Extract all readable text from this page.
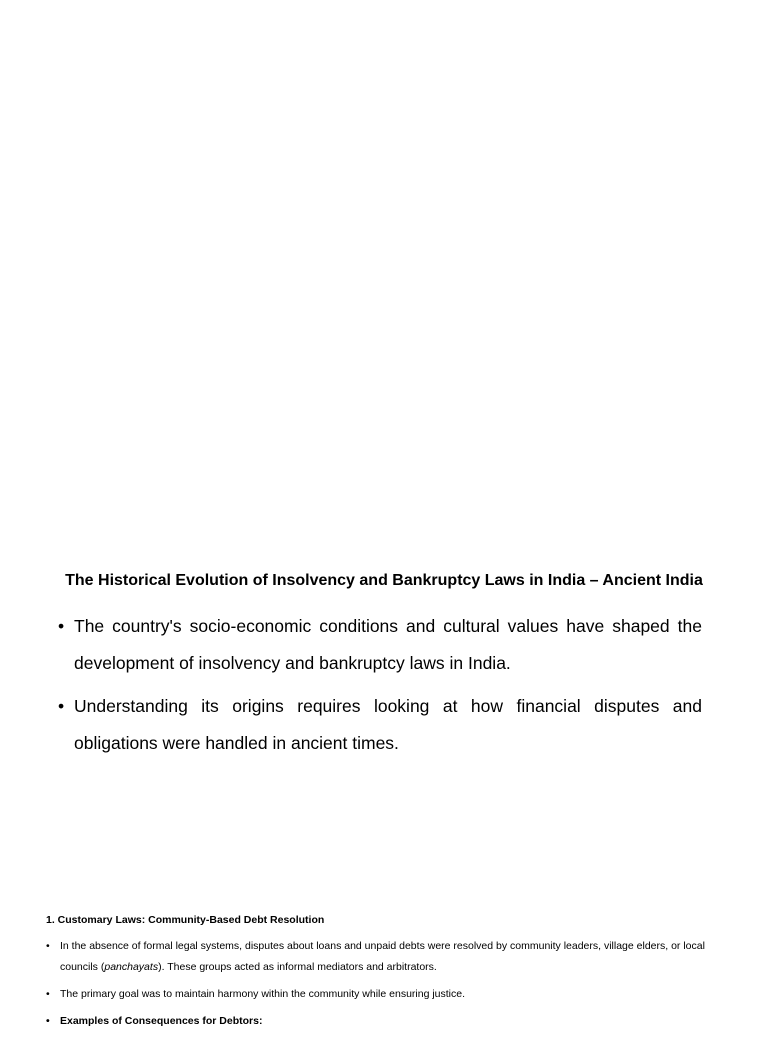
The Historical Evolution of Insolvency and Bankruptcy Laws in India – Ancient India
• The country's socio-economic conditions and cultural values have shaped the development of insolvency and bankruptcy laws in India.
• Understanding its origins requires looking at how financial disputes and obligations were handled in ancient times.
1. Customary Laws: Community-Based Debt Resolution
• In the absence of formal legal systems, disputes about loans and unpaid debts were resolved by community leaders, village elders, or local councils (panchayats). These groups acted as informal mediators and arbitrators.
• The primary goal was to maintain harmony within the community while ensuring justice.
• Examples of Consequences for Debtors:
